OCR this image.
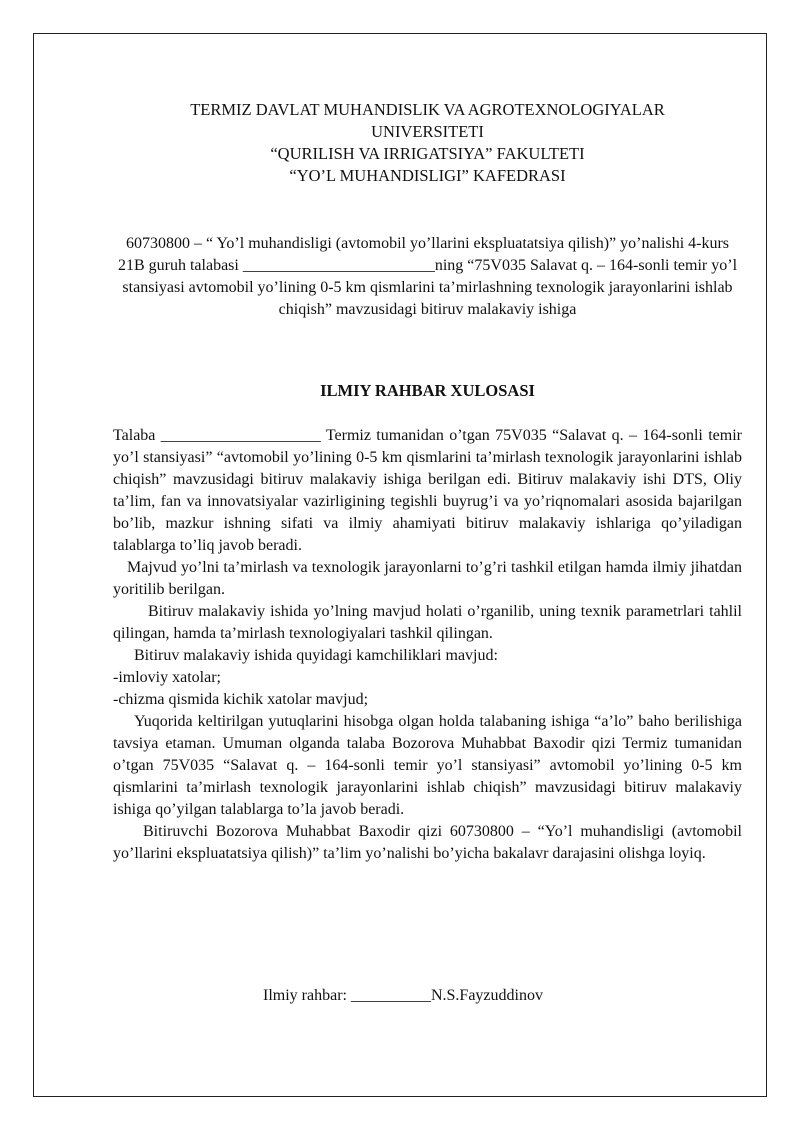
TERMIZ DAVLAT MUHANDISLIK VA AGROTEXNOLOGIYALAR
UNIVERSITETI
“QURILISH VA IRRIGATSIYA” FAKULTETI
“YO’L MUHANDISLIGI” KAFEDRASI
60730800 – “ Yo’l muhandisligi (avtomobil yo’llarini ekspluatatsiya qilish)” yo’nalishi 4-kurs 21B guruh talabasi ________________________ning “75V035 Salavat q. – 164-sonli temir yo’l stansiyasi avtomobil yo’lining 0-5 km qismlarini ta’mirlashning texnologik jarayonlarini ishlab chiqish” mavzusidagi bitiruv malakaviy ishiga
ILMIY RAHBAR XULOSASI

Talaba ____________________ Termiz tumanidan o’tgan 75V035 “Salavat q. – 164-sonli temir yo’l stansiyasi” “avtomobil yo’lining 0-5 km qismlarini ta’mirlash texnologik jarayonlarini ishlab chiqish” mavzusidagi bitiruv malakaviy ishiga berilgan edi. Bitiruv malakaviy ishi DTS, Oliy ta’lim, fan va innovatsiyalar vazirligining tegishli buyrug’i va yo’riqnomalari asosida bajarilgan bo’lib, mazkur ishning sifati va ilmiy ahamiyati bitiruv malakaviy ishlariga qo’yiladigan talablarga to’liq javob beradi.

Majvud yo’lni ta’mirlash va texnologik jarayonlarni to’g’ri tashkil etilgan hamda ilmiy jihatdan yoritilib berilgan.

Bitiruv malakaviy ishida yo’lning mavjud holati o’rganilib, uning texnik parametrlari tahlil qilingan, hamda ta’mirlash texnologiyalari tashkil qilingan.

Bitiruv malakaviy ishida quyidagi kamchiliklari mavjud:

-imloviy xatolar;

-chizma qismida kichik xatolar mavjud;

Yuqorida keltirilgan yutuqlarini hisobga olgan holda talabaning ishiga “a’lo” baho berilishiga tavsiya etaman. Umuman olganda talaba Bozorova Muhabbat Baxodir qizi Termiz tumanidan o’tgan 75V035 “Salavat q. – 164-sonli temir yo’l stansiyasi” avtomobil yo’lining 0-5 km qismlarini ta’mirlash texnologik jarayonlarini ishlab chiqish” mavzusidagi bitiruv malakaviy ishiga qo’yilgan talablarga to’la javob beradi.

Bitiruvchi Bozorova Muhabbat Baxodir qizi 60730800 – “Yo’l muhandisligi (avtomobil yo’llarini ekspluatatsiya qilish)” ta’lim yo’nalishi bo’yicha bakalavr darajasini olishga loyiq.

Ilmiy rahbar: __________N.S.Fayzuddinov
